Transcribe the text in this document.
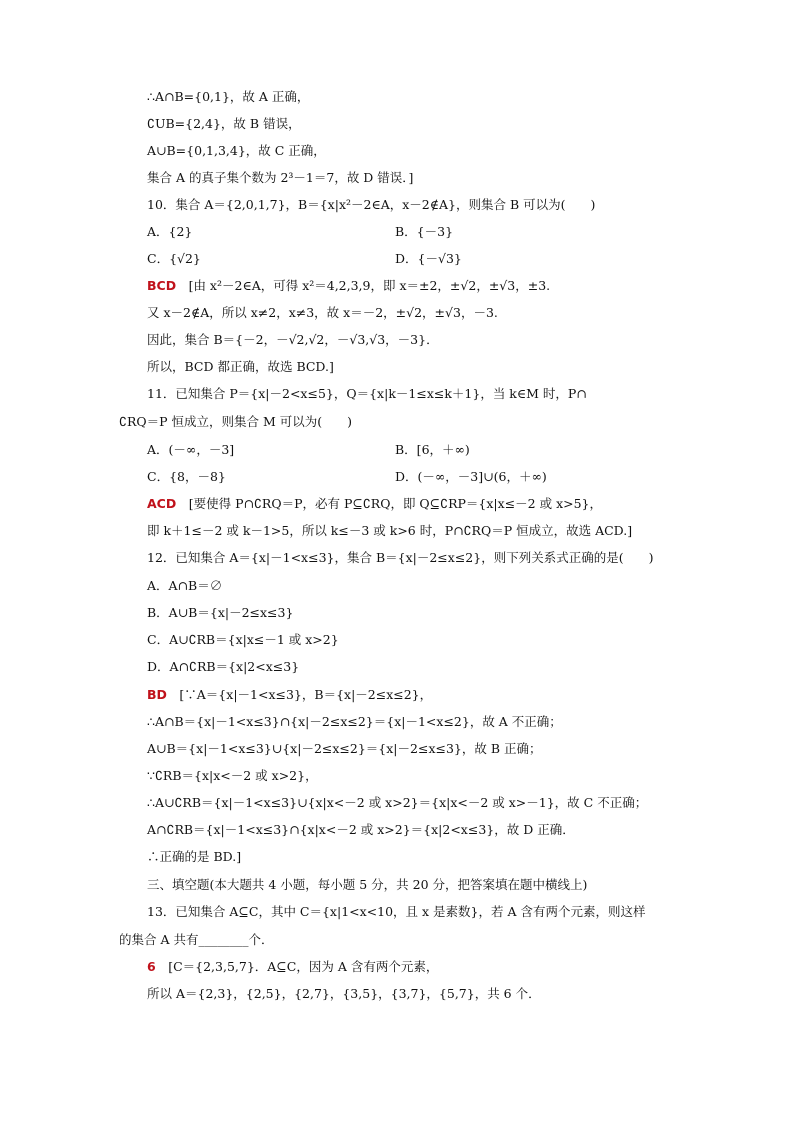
∴A∩B={0,1}，故 A 正确，
∁UB={2,4}，故 B 错误，
A∪B={0,1,3,4}，故 C 正确，
集合 A 的真子集个数为 2³－1＝7，故 D 错误．]
10．集合 A＝{2,0,1,7}，B＝{x|x²－2∈A，x－2∉A}，则集合 B 可以为(　　)
A．{2}	B．{－3}
C．{√2}	D．{－√3}
BCD　[由 x²－2∈A，可得 x²＝4,2,3,9，即 x＝±2，±√2，±√3，±3.
又 x－2∉A，所以 x≠2，x≠3，故 x＝－2，±√2，±√3，－3.
因此，集合 B＝{－2，－√2,√2，－√3,√3，－3}．
所以，BCD 都正确，故选 BCD.]
11．已知集合 P＝{x|－2<x≤5}，Q＝{x|k－1≤x≤k＋1}，当 k∈M 时，P∩
∁RQ＝P 恒成立，则集合 M 可以为(　　)
A．(－∞，－3]	B．[6，＋∞)
C．{8，－8}	D．(－∞，－3]∪(6，＋∞)
ACD　[要使得 P∩∁RQ＝P，必有 P⊆∁RQ，即 Q⊆∁RP＝{x|x≤－2 或 x>5}，
即 k＋1≤－2 或 k－1>5，所以 k≤－3 或 k>6 时，P∩∁RQ＝P 恒成立，故选 ACD.]
12．已知集合 A＝{x|－1<x≤3}，集合 B＝{x|－2≤x≤2}，则下列关系式正确的是(　　)
A．A∩B＝∅
B．A∪B＝{x|－2≤x≤3}
C．A∪∁RB＝{x|x≤－1 或 x>2}
D．A∩∁RB＝{x|2<x≤3}
BD　[∵A＝{x|－1<x≤3}，B＝{x|－2≤x≤2}，
∴A∩B＝{x|－1<x≤3}∩{x|－2≤x≤2}＝{x|－1<x≤2}，故 A 不正确；
A∪B＝{x|－1<x≤3}∪{x|－2≤x≤2}＝{x|－2≤x≤3}，故 B 正确；
∵∁RB＝{x|x<－2 或 x>2}，
∴A∪∁RB＝{x|－1<x≤3}∪{x|x<－2 或 x>2}＝{x|x<－2 或 x>－1}，故 C 不正确；
A∩∁RB＝{x|－1<x≤3}∩{x|x<－2 或 x>2}＝{x|2<x≤3}，故 D 正确．
∴正确的是 BD.]
三、填空题(本大题共 4 小题，每小题 5 分，共 20 分，把答案填在题中横线上)
13．已知集合 A⊆C，其中 C＝{x|1<x<10，且 x 是素数}，若 A 含有两个元素，则这样
的集合 A 共有________个．
6　[C＝{2,3,5,7}．A⊆C，因为 A 含有两个元素，
所以 A＝{2,3}，{2,5}，{2,7}，{3,5}，{3,7}，{5,7}，共 6 个．
